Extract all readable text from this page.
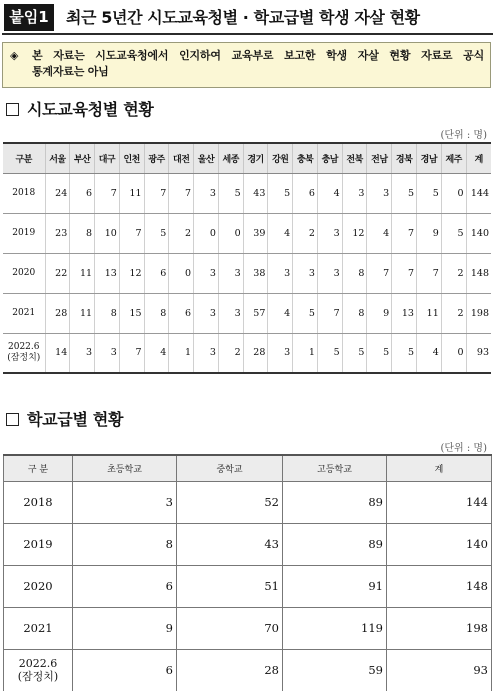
붙임1	최근 5년간 시도교육청별 · 학교급별 학생 자살 현황
◈ 본 자료는 시도교육청에서 인지하여 교육부로 보고한 학생 자살 현황 자료로 공식
통계자료는 아님
시도교육청별 현황
(단위 : 명)
구분	서울	부산	대구	인천	광주	대전	울산	세종	경기	강원	충북	충남	전북	전남	경북	경남	제주	계
2018	24	6	7	11	7	7	3	5	43	5	6	4	3	3	5	5	0	144
2019	23	8	10	7	5	2	0	0	39	4	2	3	12	4	7	9	5	140
2020	22	11	13	12	6	0	3	3	38	3	3	3	8	7	7	7	2	148
2021	28	11	8	15	8	6	3	3	57	4	5	7	8	9	13	11	2	198

2022.6
(잠정치)	14	3	3	7	4	1	3	2	28	3	1	5	5	5	5	4	0	93
학교급별 현황
(단위 : 명)
구 분	초등학교	중학교	고등학교	계
2018	3	52	89	144
2019	8	43	89	140
2020	6	51	91	148
2021	9	70	119	198

2022.6
(잠정치)	6	28	59	93
